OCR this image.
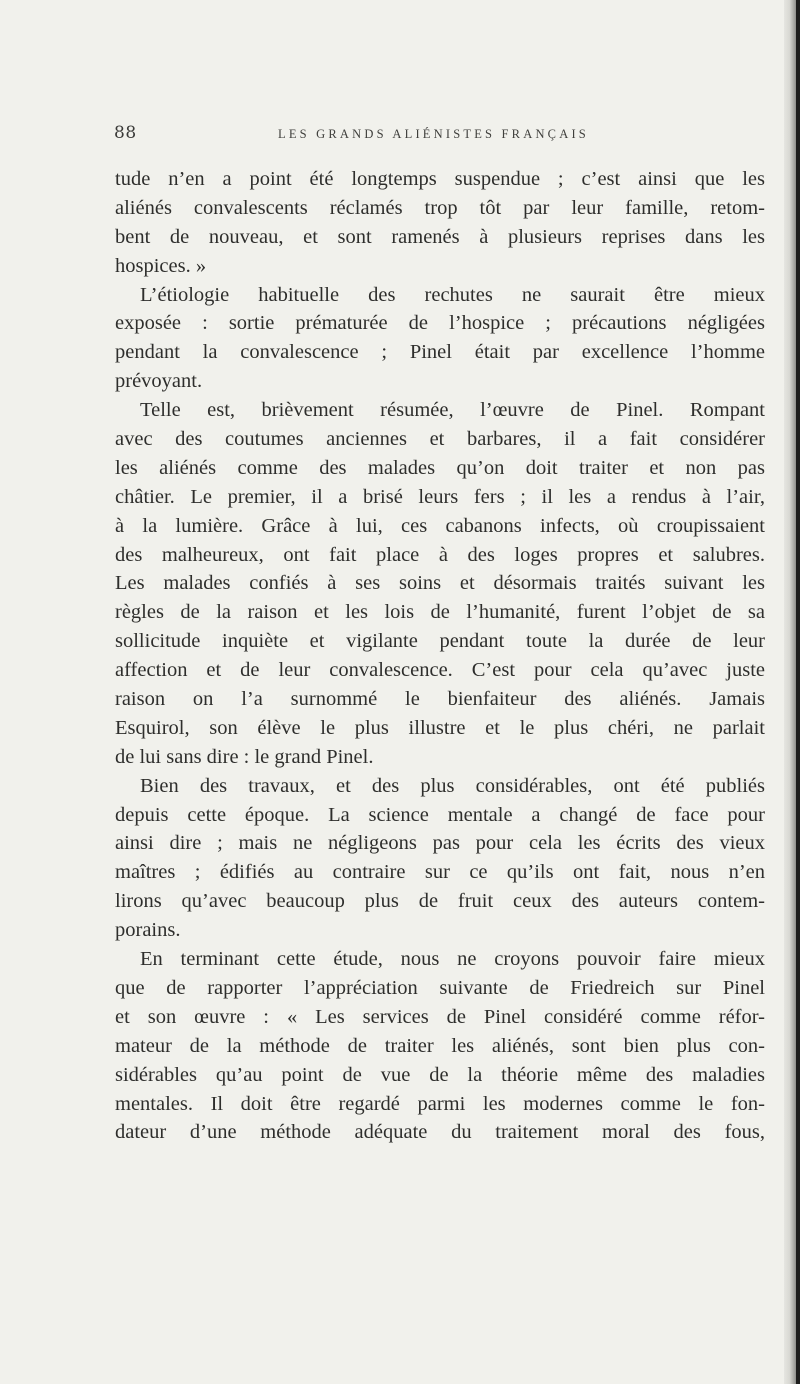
88	LES GRANDS ALIÉNISTES FRANÇAIS
tude n’en a point été longtemps suspendue ; c’est ainsi que les
aliénés convalescents réclamés trop tôt par leur famille, retom-
bent de nouveau, et sont ramenés à plusieurs reprises dans les
hospices. »
L’étiologie habituelle des rechutes ne saurait être mieux
exposée : sortie prématurée de l’hospice ; précautions négligées
pendant la convalescence ; Pinel était par excellence l’homme
prévoyant.
Telle est, brièvement résumée, l’œuvre de Pinel. Rompant
avec des coutumes anciennes et barbares, il a fait considérer
les aliénés comme des malades qu’on doit traiter et non pas
châtier. Le premier, il a brisé leurs fers ; il les a rendus à l’air,
à la lumière. Grâce à lui, ces cabanons infects, où croupissaient
des malheureux, ont fait place à des loges propres et salubres.
Les malades confiés à ses soins et désormais traités suivant les
règles de la raison et les lois de l’humanité, furent l’objet de sa
sollicitude inquiète et vigilante pendant toute la durée de leur
affection et de leur convalescence. C’est pour cela qu’avec juste
raison on l’a surnommé le bienfaiteur des aliénés. Jamais
Esquirol, son élève le plus illustre et le plus chéri, ne parlait
de lui sans dire : le grand Pinel.
Bien des travaux, et des plus considérables, ont été publiés
depuis cette époque. La science mentale a changé de face pour
ainsi dire ; mais ne négligeons pas pour cela les écrits des vieux
maîtres ; édifiés au contraire sur ce qu’ils ont fait, nous n’en
lirons qu’avec beaucoup plus de fruit ceux des auteurs contem-
porains.
En terminant cette étude, nous ne croyons pouvoir faire mieux
que de rapporter l’appréciation suivante de Friedreich sur Pinel
et son œuvre : « Les services de Pinel considéré comme réfor-
mateur de la méthode de traiter les aliénés, sont bien plus con-
sidérables qu’au point de vue de la théorie même des maladies
mentales. Il doit être regardé parmi les modernes comme le fon-
dateur d’une méthode adéquate du traitement moral des fous,
